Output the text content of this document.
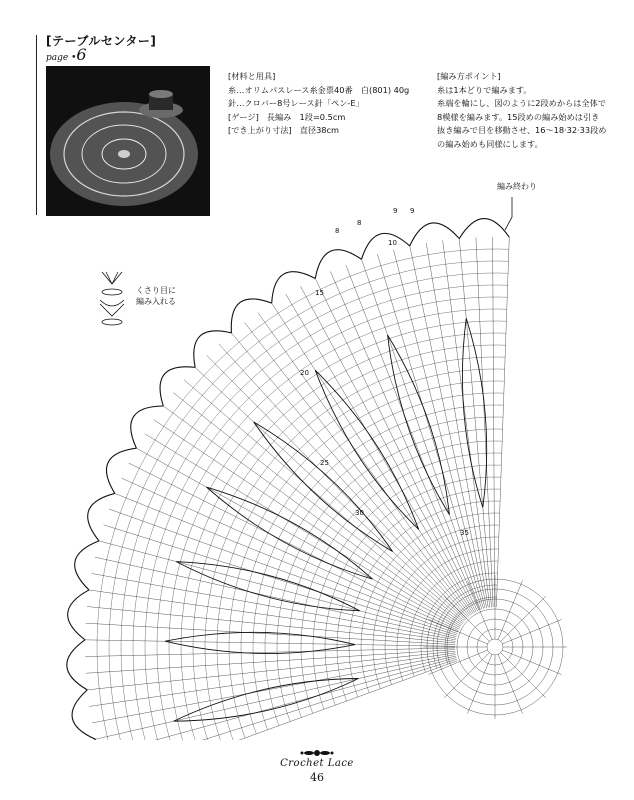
[テーブルセンター]
page •6
[材料と用具]
糸…オリムパスレース糸金票40番　白(801) 40g
針…クロバー8号レース針「ペン-E」
[ゲージ] 長編み　1段=0.5cm
[でき上がり寸法] 直径38cm
[編み方ポイント]
糸は1本どりで編みます。
糸端を輪にし、図のように2段めからは全体で8模様を編みます。15段めの編み始めは引き抜き編みで目を移動させ、16～18·32·33段めの編み始めも同様にします。
9 9
8
8
10
15
20
25
30
35
編み終わり
くさり目に
編み入れる
Crochet Lace
46
